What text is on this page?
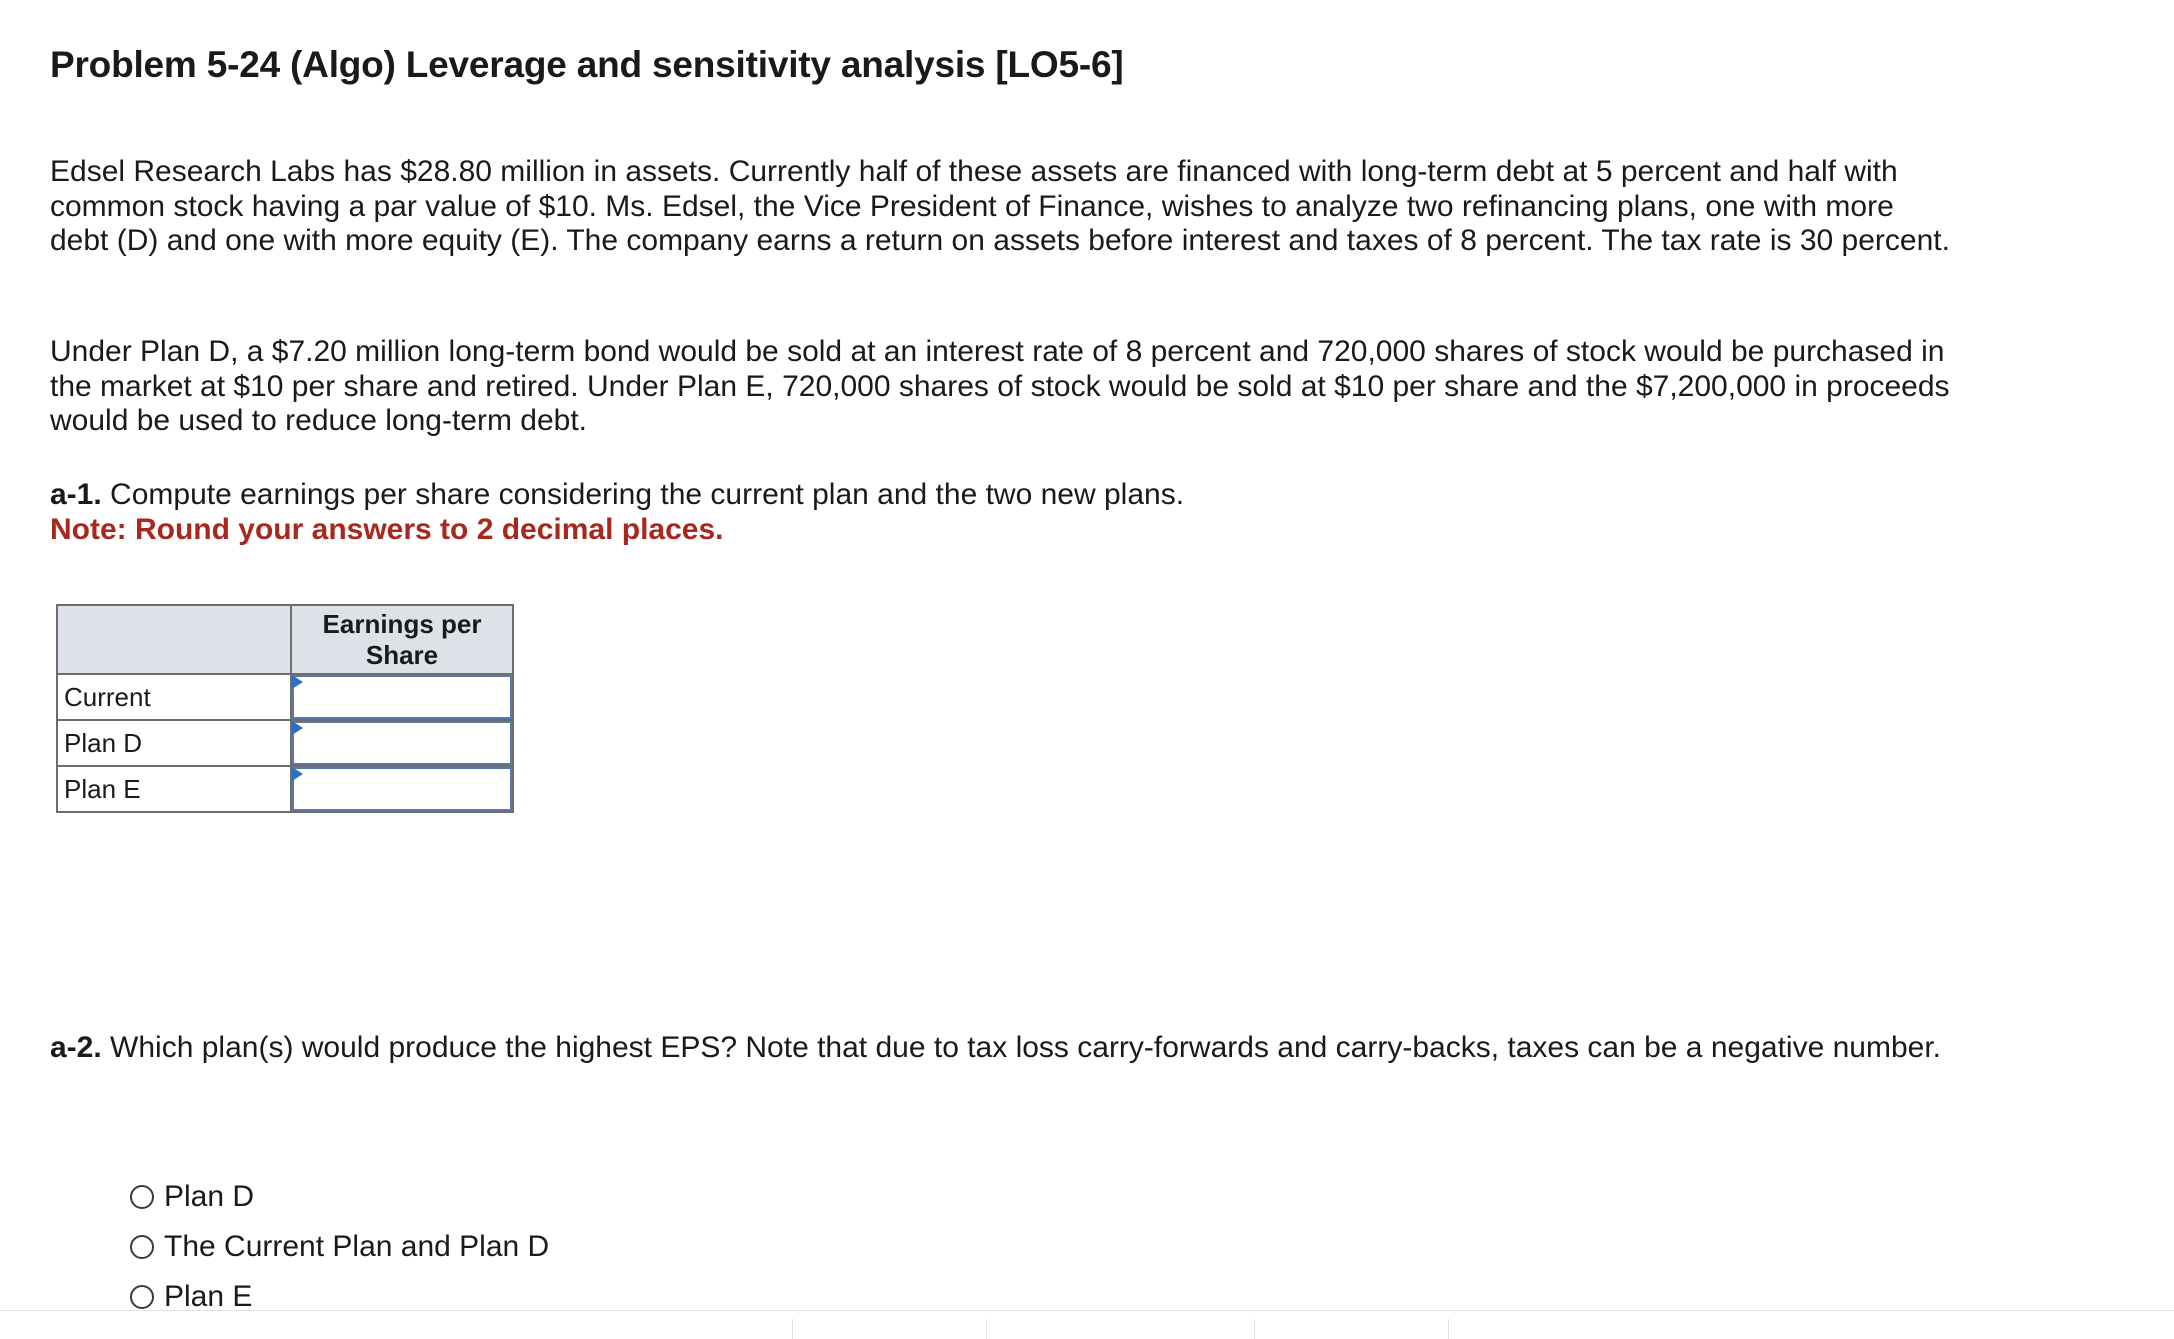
Problem 5-24 (Algo) Leverage and sensitivity analysis [LO5-6]

Edsel Research Labs has $28.80 million in assets. Currently half of these assets are financed with long-term debt at 5 percent and half with common stock having a par value of $10. Ms. Edsel, the Vice President of Finance, wishes to analyze two refinancing plans, one with more debt (D) and one with more equity (E). The company earns a return on assets before interest and taxes of 8 percent. The tax rate is 30 percent.

Under Plan D, a $7.20 million long-term bond would be sold at an interest rate of 8 percent and 720,000 shares of stock would be purchased in the market at $10 per share and retired. Under Plan E, 720,000 shares of stock would be sold at $10 per share and the $7,200,000 in proceeds would be used to reduce long-term debt.

a-1. Compute earnings per share considering the current plan and the two new plans.
Note: Round your answers to 2 decimal places.

	Earnings per
Share

Current	

Plan D	

Plan E	
a-2. Which plan(s) would produce the highest EPS? Note that due to tax loss carry-forwards and carry-backs, taxes can be a negative number.
Plan D
The Current Plan and Plan D
Plan E
